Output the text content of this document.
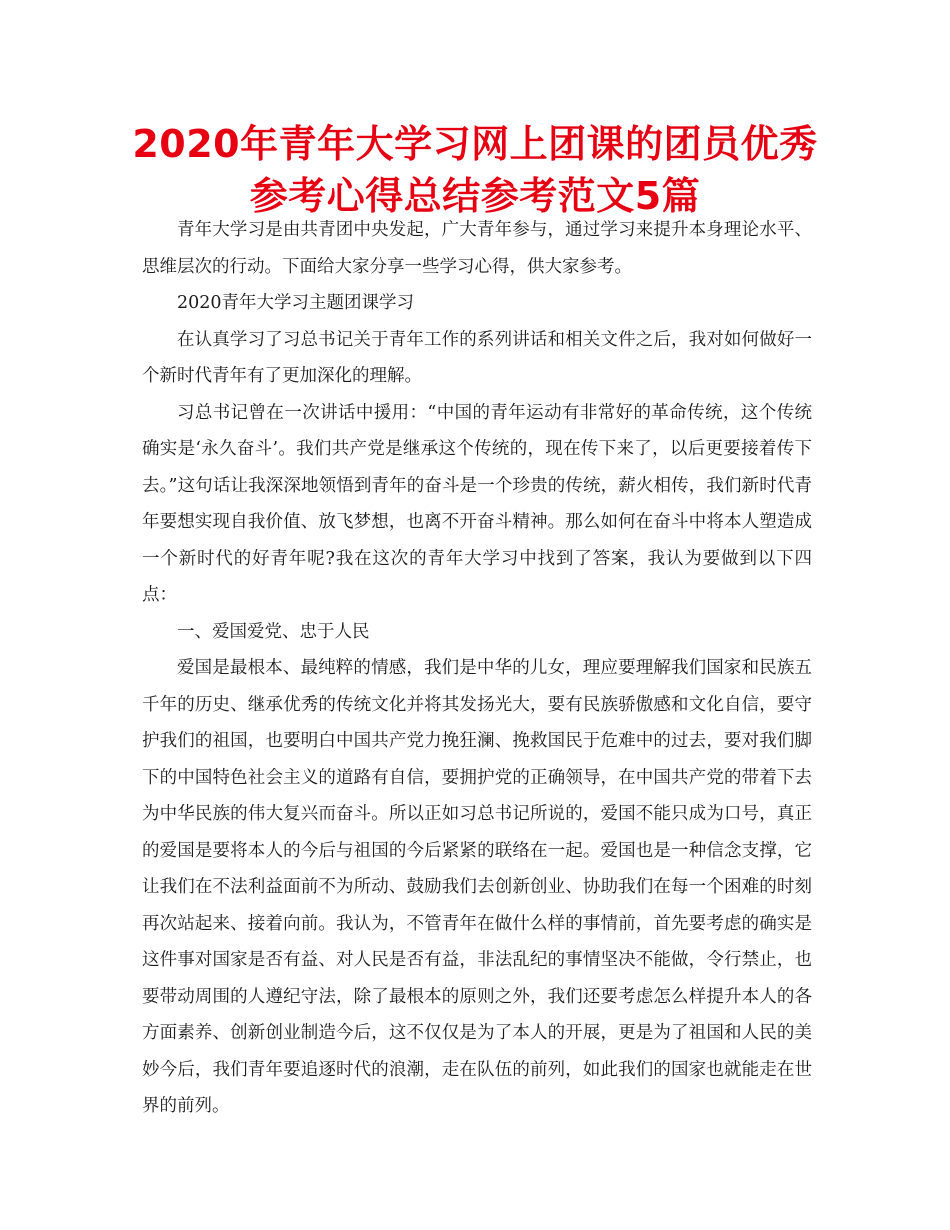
2020年青年大学习网上团课的团员优秀参考心得总结参考范文5篇

青年大学习是由共青团中央发起，广大青年参与，通过学习来提升本身理论水平、思维层次的行动。下面给大家分享一些学习心得，供大家参考。

2020青年大学习主题团课学习

在认真学习了习总书记关于青年工作的系列讲话和相关文件之后，我对如何做好一个新时代青年有了更加深化的理解。

习总书记曾在一次讲话中援用：“中国的青年运动有非常好的革命传统，这个传统确实是‘永久奋斗’。我们共产党是继承这个传统的，现在传下来了，以后更要接着传下去。”这句话让我深深地领悟到青年的奋斗是一个珍贵的传统，薪火相传，我们新时代青年要想实现自我价值、放飞梦想，也离不开奋斗精神。那么如何在奋斗中将本人塑造成一个新时代的好青年呢?我在这次的青年大学习中找到了答案，我认为要做到以下四点：

一、爱国爱党、忠于人民

爱国是最根本、最纯粹的情感，我们是中华的儿女，理应要理解我们国家和民族五千年的历史、继承优秀的传统文化并将其发扬光大，要有民族骄傲感和文化自信，要守护我们的祖国，也要明白中国共产党力挽狂澜、挽救国民于危难中的过去，要对我们脚下的中国特色社会主义的道路有自信，要拥护党的正确领导，在中国共产党的带着下去为中华民族的伟大复兴而奋斗。所以正如习总书记所说的，爱国不能只成为口号，真正的爱国是要将本人的今后与祖国的今后紧紧的联络在一起。爱国也是一种信念支撑，它让我们在不法利益面前不为所动、鼓励我们去创新创业、协助我们在每一个困难的时刻再次站起来、接着向前。我认为，不管青年在做什么样的事情前，首先要考虑的确实是这件事对国家是否有益、对人民是否有益，非法乱纪的事情坚决不能做，令行禁止，也要带动周围的人遵纪守法，除了最根本的原则之外，我们还要考虑怎么样提升本人的各方面素养、创新创业制造今后，这不仅仅是为了本人的开展，更是为了祖国和人民的美妙今后，我们青年要追逐时代的浪潮，走在队伍的前列，如此我们的国家也就能走在世界的前列。
